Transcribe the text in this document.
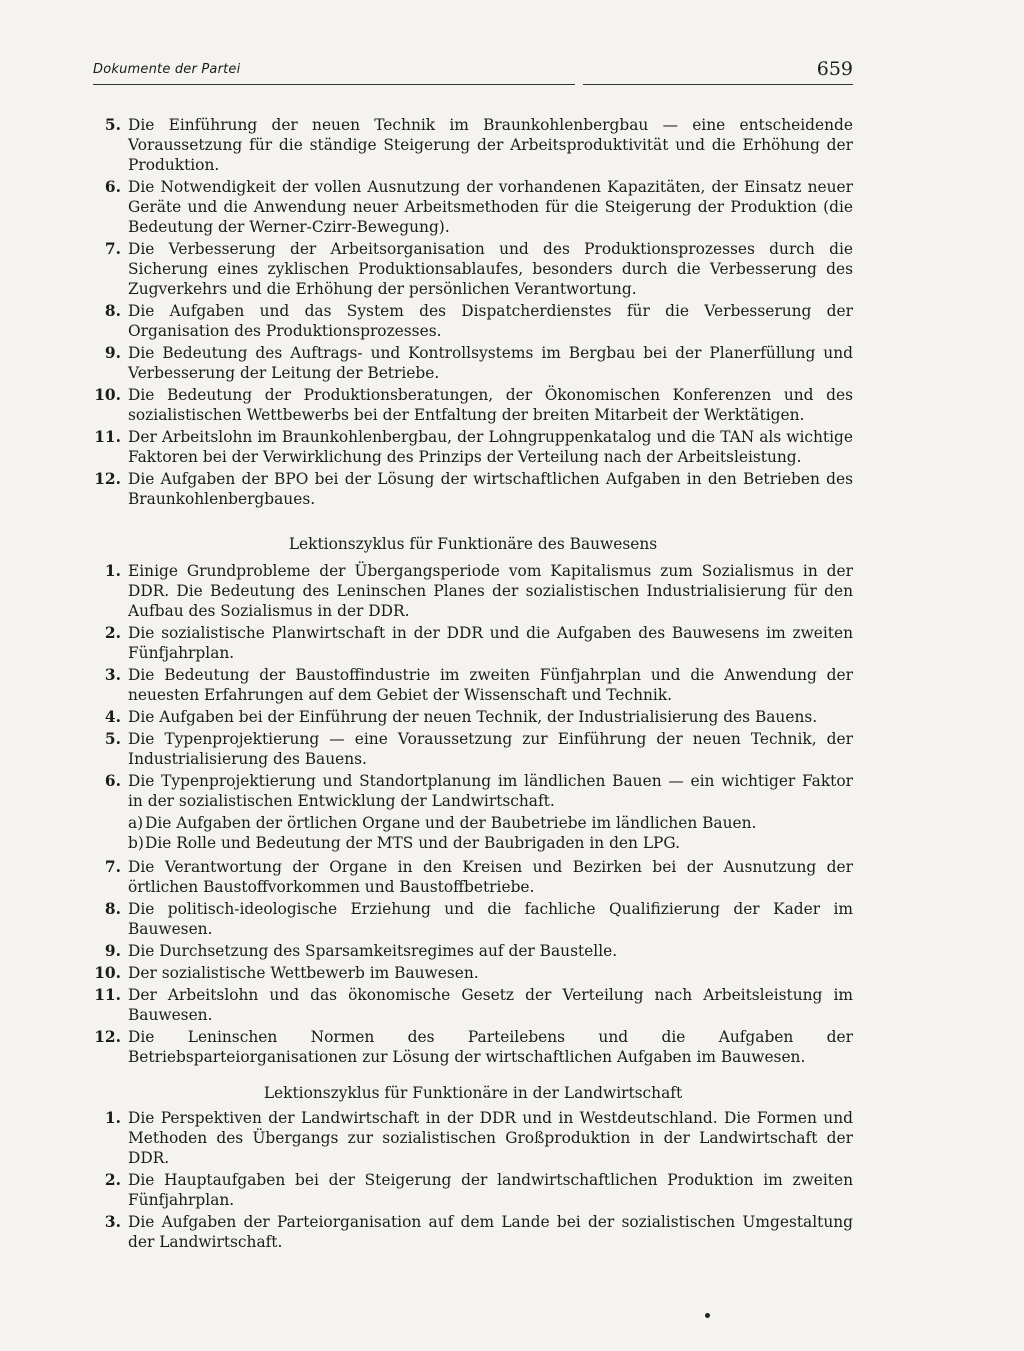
Dokumente der Partei	659
5. Die Einführung der neuen Technik im Braunkohlenbergbau — eine entscheidende Voraussetzung für die ständige Steigerung der Arbeitsproduktivität und die Erhöhung der Produktion.
6. Die Notwendigkeit der vollen Ausnutzung der vorhandenen Kapazitäten, der Einsatz neuer Geräte und die Anwendung neuer Arbeitsmethoden für die Steigerung der Produktion (die Bedeutung der Werner-Czirr-Bewegung).
7. Die Verbesserung der Arbeitsorganisation und des Produktionsprozesses durch die Sicherung eines zyklischen Produktionsablaufes, besonders durch die Verbesserung des Zugverkehrs und die Erhöhung der persönlichen Verantwortung.
8. Die Aufgaben und das System des Dispatcherdienstes für die Verbesserung der Organisation des Produktionsprozesses.
9. Die Bedeutung des Auftrags- und Kontrollsystems im Bergbau bei der Planerfüllung und Verbesserung der Leitung der Betriebe.
10. Die Bedeutung der Produktionsberatungen, der Ökonomischen Konferenzen und des sozialistischen Wettbewerbs bei der Entfaltung der breiten Mitarbeit der Werktätigen.
11. Der Arbeitslohn im Braunkohlenbergbau, der Lohngruppenkatalog und die TAN als wichtige Faktoren bei der Verwirklichung des Prinzips der Verteilung nach der Arbeitsleistung.
12. Die Aufgaben der BPO bei der Lösung der wirtschaftlichen Aufgaben in den Betrieben des Braunkohlenbergbaues.
Lektionszyklus für Funktionäre des Bauwesens
1. Einige Grundprobleme der Übergangsperiode vom Kapitalismus zum Sozialismus in der DDR. Die Bedeutung des Leninschen Planes der sozialistischen Industrialisierung für den Aufbau des Sozialismus in der DDR.
2. Die sozialistische Planwirtschaft in der DDR und die Aufgaben des Bauwesens im zweiten Fünfjahrplan.
3. Die Bedeutung der Baustoffindustrie im zweiten Fünfjahrplan und die Anwendung der neuesten Erfahrungen auf dem Gebiet der Wissenschaft und Technik.
4. Die Aufgaben bei der Einführung der neuen Technik, der Industrialisierung des Bauens.
5. Die Typenprojektierung — eine Voraussetzung zur Einführung der neuen Technik, der Industrialisierung des Bauens.
6. Die Typenprojektierung und Standortplanung im ländlichen Bauen — ein wichtiger Faktor in der sozialistischen Entwicklung der Landwirtschaft.
a) Die Aufgaben der örtlichen Organe und der Baubetriebe im ländlichen Bauen.
b) Die Rolle und Bedeutung der MTS und der Baubrigaden in den LPG.
7. Die Verantwortung der Organe in den Kreisen und Bezirken bei der Ausnutzung der örtlichen Baustoffvorkommen und Baustoffbetriebe.
8. Die politisch-ideologische Erziehung und die fachliche Qualifizierung der Kader im Bauwesen.
9. Die Durchsetzung des Sparsamkeitsregimes auf der Baustelle.
10. Der sozialistische Wettbewerb im Bauwesen.
11. Der Arbeitslohn und das ökonomische Gesetz der Verteilung nach Arbeitsleistung im Bauwesen.
12. Die Leninschen Normen des Parteilebens und die Aufgaben der Betriebsparteiorganisationen zur Lösung der wirtschaftlichen Aufgaben im Bauwesen.
Lektionszyklus für Funktionäre in der Landwirtschaft
1. Die Perspektiven der Landwirtschaft in der DDR und in Westdeutschland. Die Formen und Methoden des Übergangs zur sozialistischen Großproduktion in der Landwirtschaft der DDR.
2. Die Hauptaufgaben bei der Steigerung der landwirtschaftlichen Produktion im zweiten Fünfjahrplan.
3. Die Aufgaben der Parteiorganisation auf dem Lande bei der sozialistischen Umgestaltung der Landwirtschaft.
